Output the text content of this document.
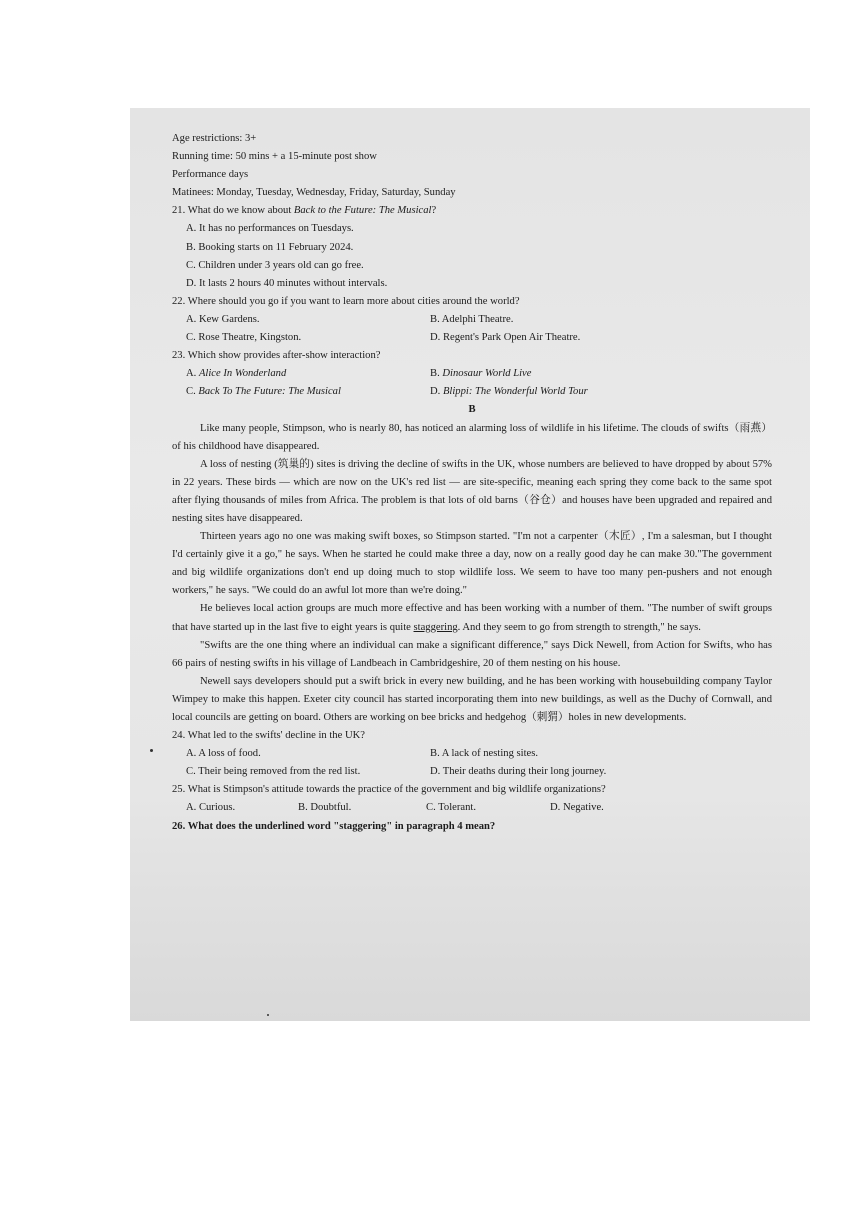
Age restrictions: 3+

Running time: 50 mins + a 15-minute post show

Performance days

Matinees: Monday, Tuesday, Wednesday, Friday, Saturday, Sunday

21. What do we know about Back to the Future: The Musical?

A. It has no performances on Tuesdays.

B. Booking starts on 11 February 2024.

C. Children under 3 years old can go free.

D. It lasts 2 hours 40 minutes without intervals.

22. Where should you go if you want to learn more about cities around the world?

A. Kew Gardens.	B. Adelphi Theatre.
C. Rose Theatre, Kingston.	D. Regent's Park Open Air Theatre.

23. Which show provides after-show interaction?

A. Alice In Wonderland	B. Dinosaur World Live
C. Back To The Future: The Musical	D. Blippi: The Wonderful World Tour

B

Like many people, Stimpson, who is nearly 80, has noticed an alarming loss of wildlife in his lifetime. The clouds of swifts（雨燕） of his childhood have disappeared.

A loss of nesting (筑巢的) sites is driving the decline of swifts in the UK, whose numbers are believed to have dropped by about 57% in 22 years. These birds — which are now on the UK's red list — are site-specific, meaning each spring they come back to the same spot after flying thousands of miles from Africa. The problem is that lots of old barns（谷仓）and houses have been upgraded and repaired and nesting sites have disappeared.

Thirteen years ago no one was making swift boxes, so Stimpson started. "I'm not a carpenter（木匠）, I'm a salesman, but I thought I'd certainly give it a go," he says. When he started he could make three a day, now on a really good day he can make 30."The government and big wildlife organizations don't end up doing much to stop wildlife loss. We seem to have too many pen-pushers and not enough workers," he says. "We could do an awful lot more than we're doing."

He believes local action groups are much more effective and has been working with a number of them. "The number of swift groups that have started up in the last five to eight years is quite staggering. And they seem to go from strength to strength," he says.

"Swifts are the one thing where an individual can make a significant difference," says Dick Newell, from Action for Swifts, who has 66 pairs of nesting swifts in his village of Landbeach in Cambridgeshire, 20 of them nesting on his house.

Newell says developers should put a swift brick in every new building, and he has been working with housebuilding company Taylor Wimpey to make this happen. Exeter city council has started incorporating them into new buildings, as well as the Duchy of Cornwall, and local councils are getting on board. Others are working on bee bricks and hedgehog（刺猬）holes in new developments.

24. What led to the swifts' decline in the UK?

A. A loss of food.	B. A lack of nesting sites.
C. Their being removed from the red list.	D. Their deaths during their long journey.

25. What is Stimpson's attitude towards the practice of the government and big wildlife organizations?

A. Curious.	B. Doubtful.	C. Tolerant.	D. Negative.

26. What does the underlined word "staggering" in paragraph 4 mean?
